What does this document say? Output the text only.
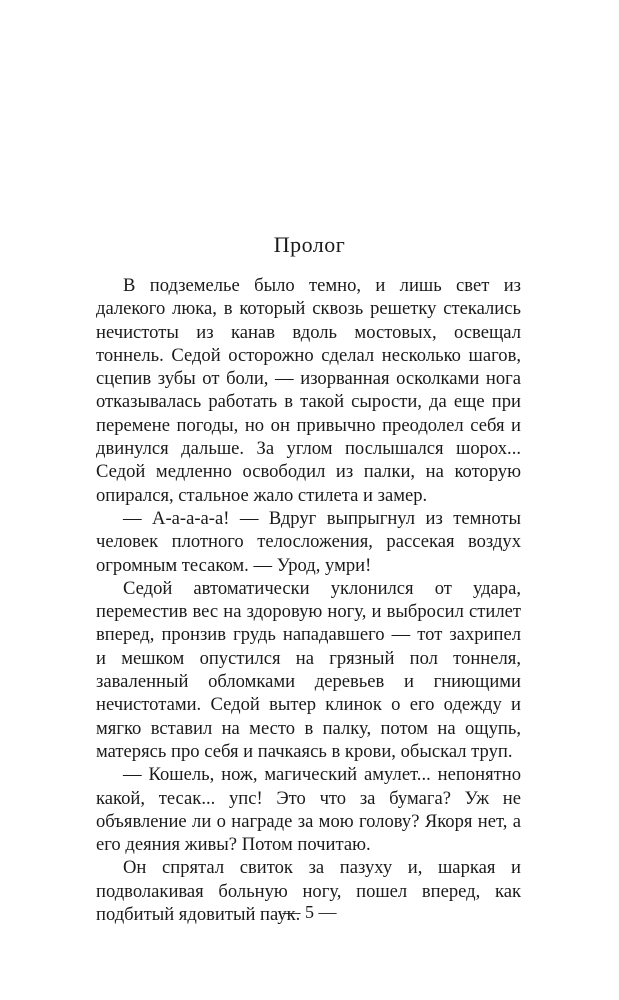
Пролог

В подземелье было темно, и лишь свет из далекого люка, в который сквозь решетку стекались нечистоты из канав вдоль мостовых, освещал тоннель. Седой осторожно сделал несколько шагов, сцепив зубы от боли, — изорванная осколками нога отказывалась работать в такой сырости, да еще при перемене погоды, но он привычно преодолел себя и двинулся дальше. За углом послышался шорох... Седой медленно освободил из палки, на которую опирался, стальное жало стилета и замер.

— А-а-а-а-а! — Вдруг выпрыгнул из темноты человек плотного телосложения, рассекая воздух огромным тесаком. — Урод, умри!

Седой автоматически уклонился от удара, переместив вес на здоровую ногу, и выбросил стилет вперед, пронзив грудь нападавшего — тот захрипел и мешком опустился на грязный пол тоннеля, заваленный обломками деревьев и гниющими нечистотами. Седой вытер клинок о его одежду и мягко вставил на место в палку, потом на ощупь, матерясь про себя и пачкаясь в крови, обыскал труп.

— Кошель, нож, магический амулет... непонятно какой, тесак... упс! Это что за бумага? Уж не объявление ли о награде за мою голову? Якоря нет, а его деяния живы? Потом почитаю.

Он спрятал свиток за пазуху и, шаркая и подволакивая больную ногу, пошел вперед, как подбитый ядовитый паук.

— 5 —
